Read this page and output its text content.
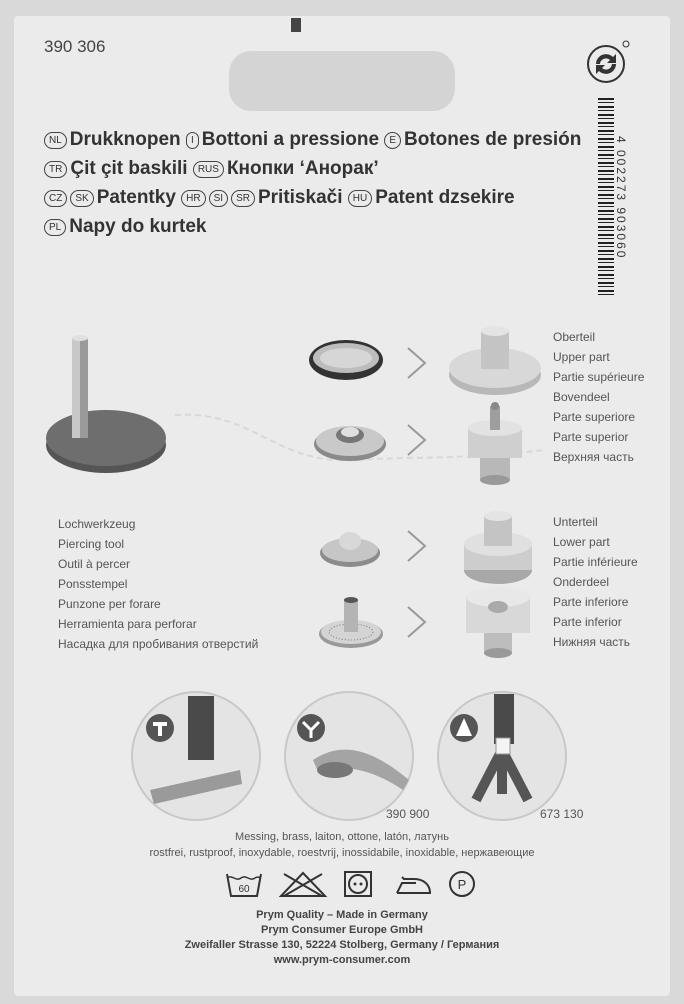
390 306
4 002273 903060
NL Drukknopen I Bottoni a pressione E Botones de presión TR Çit çit baskili RUS Кнопки ‘Анорак’
CZ SK Patentky HR SI SR Pritiskači HU Patent dzsekire
PL Napy do kurtek
Oberteil
Upper part
Partie supérieure
Bovendeel
Parte superiore
Parte superior
Верхняя часть
Unterteil
Lower part
Partie inférieure
Onderdeel
Parte inferiore
Parte inferior
Нижняя часть
Lochwerkzeug
Piercing tool
Outil à percer
Ponsstempel
Punzone per forare
Herramienta para perforar
Насадка для пробивания отверстий
390 900	673 130
Messing, brass, laiton, ottone, latón, латунь
rostfrei, rustproof, inoxydable, roestvrij, inossidabile, inoxidable, нержавеющие
60	P
Prym Quality – Made in Germany
Prym Consumer Europe GmbH
Zweifaller Strasse 130, 52224 Stolberg, Germany / Германия
www.prym-consumer.com
